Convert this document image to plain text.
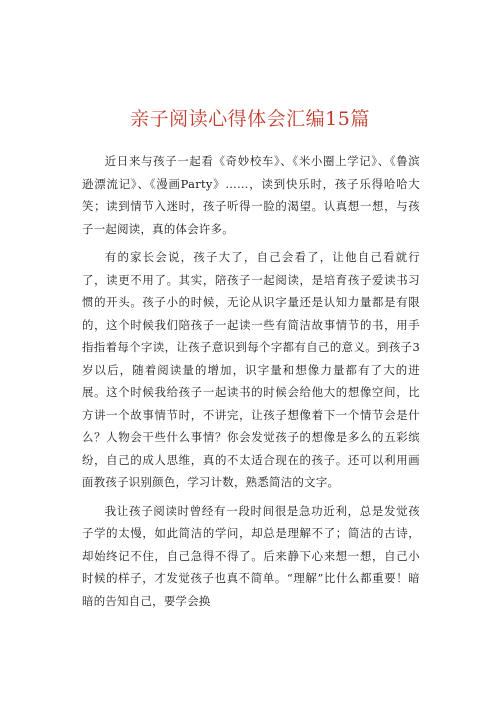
亲子阅读心得体会汇编15篇

近日来与孩子一起看《奇妙校车》、《米小圈上学记》、《鲁滨逊漂流记》、《漫画Party》……，读到快乐时，孩子乐得哈哈大笑；读到情节入迷时，孩子听得一脸的渴望。认真想一想，与孩子一起阅读，真的体会许多。

有的家长会说，孩子大了，自己会看了，让他自己看就行了，读更不用了。其实，陪孩子一起阅读，是培育孩子爱读书习惯的开头。孩子小的时候，无论从识字量还是认知力量都是有限的，这个时候我们陪孩子一起读一些有简洁故事情节的书，用手指指着每个字读，让孩子意识到每个字都有自己的意义。到孩子3岁以后，随着阅读量的增加，识字量和想像力量都有了大的进展。这个时候我给孩子一起读书的时候会给他大的想像空间，比方讲一个故事情节时，不讲完，让孩子想像着下一个情节会是什么？人物会干些什么事情？你会发觉孩子的想像是多么的五彩缤纷，自己的成人思维，真的不太适合现在的孩子。还可以利用画面教孩子识别颜色，学习计数，熟悉简洁的文字。

我让孩子阅读时曾经有一段时间很是急功近利，总是发觉孩子学的太慢，如此简洁的学问，却总是理解不了；简洁的古诗，却始终记不住，自己急得不得了。后来静下心来想一想，自己小时候的样子，才发觉孩子也真不简单。“理解”比什么都重要！暗暗的告知自己，要学会换
